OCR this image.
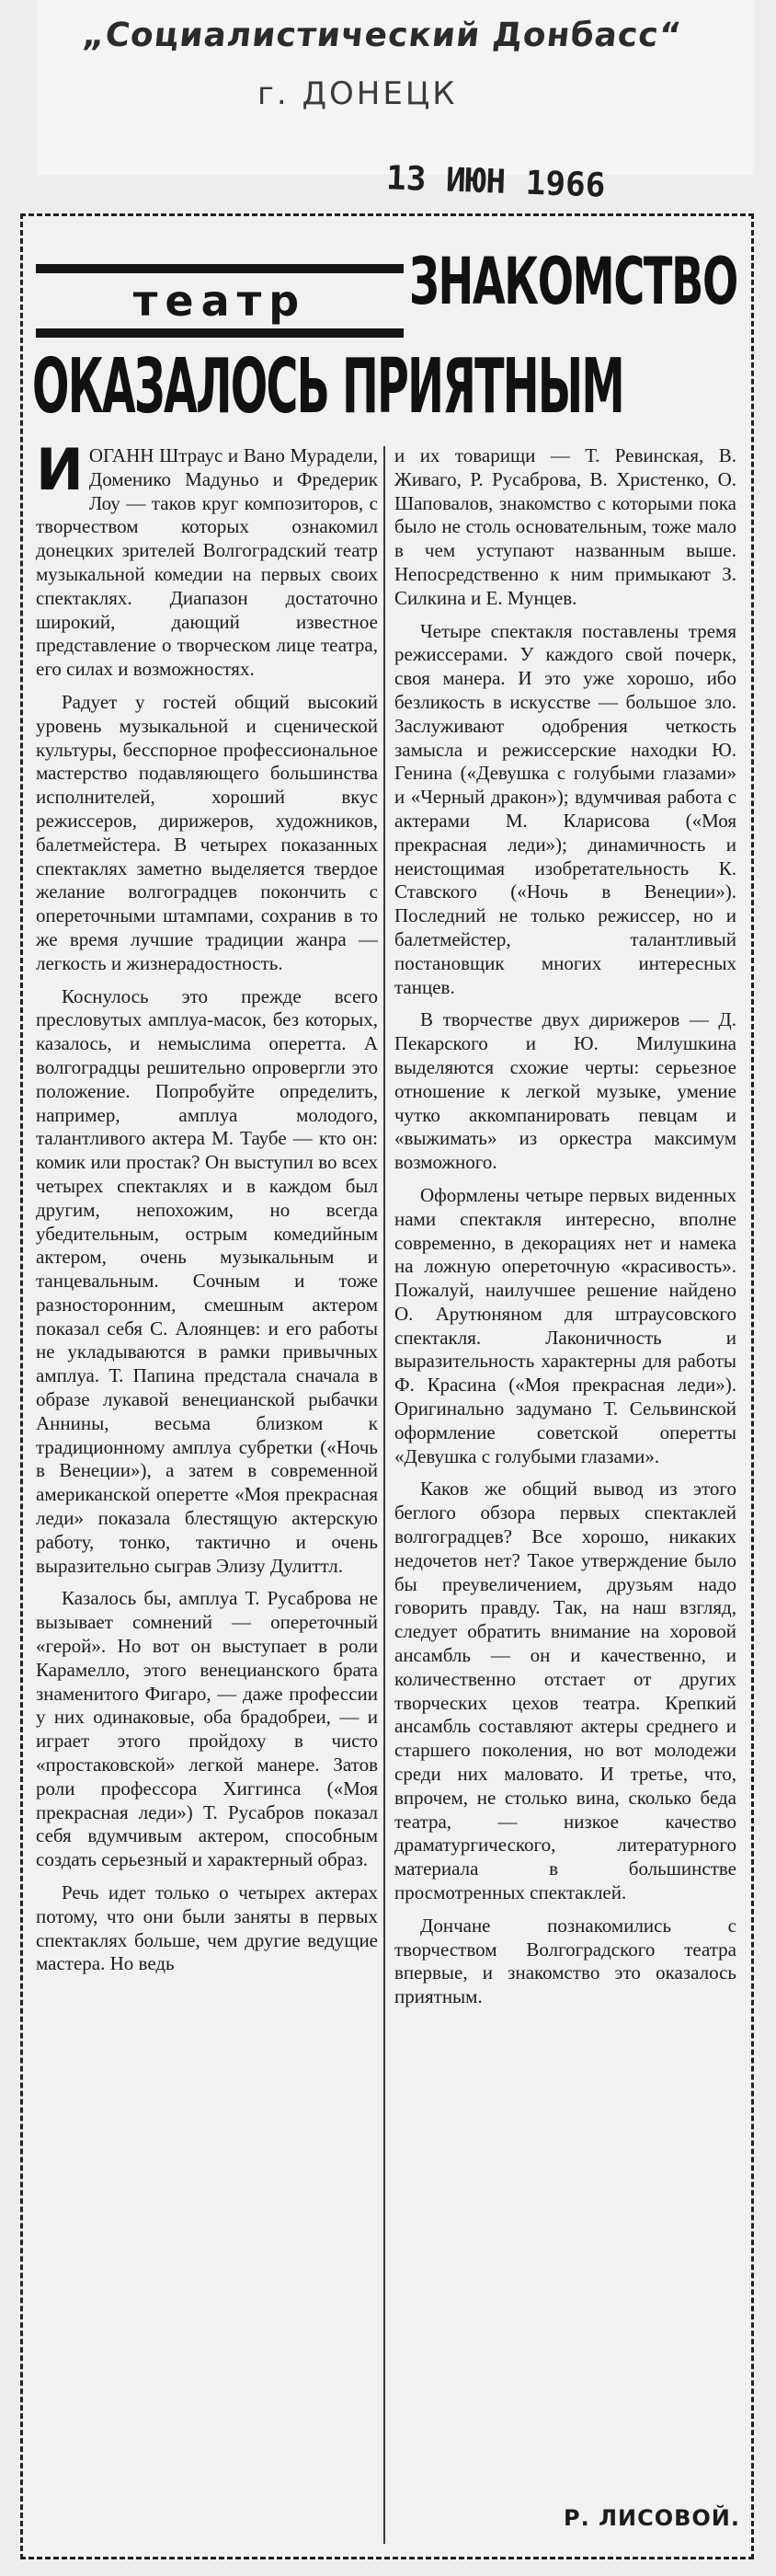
„Социалистический Донбасс“
г. ДОНЕЦК
13 ИЮН 1966
театр	ЗНАКОМСТВО
ОКАЗАЛОСЬ ПРИЯТНЫМ

ИОГАНН Штраус и Вано Мурадели, Доменико Мадуньо и Фредерик Лоу — таков круг композиторов, с творчеством которых ознакомил донецких зрителей Волгоградский театр музыкальной комедии на первых своих спектаклях. Диапазон достаточно широкий, дающий известное представление о творческом лице театра, его силах и возможностях.

Радует у гостей общий высокий уровень музыкальной и сценической культуры, бесспорное профессиональное мастерство подавляющего большинства исполнителей, хороший вкус режиссеров, дирижеров, художников, балетмейстера. В четырех показанных спектаклях заметно выделяется твердое желание волгоградцев покончить с опереточными штампами, сохранив в то же время лучшие традиции жанра — легкость и жизнерадостность.

Коснулось это прежде всего пресловутых амплуа-масок, без которых, казалось, и немыслима оперетта. А волгоградцы решительно опровергли это положение. Попробуйте определить, например, амплуа молодого, талантливого актера М. Таубе — кто он: комик или простак? Он выступил во всех четырех спектаклях и в каждом был другим, непохожим, но всегда убедительным, острым комедийным актером, очень музыкальным и танцевальным. Сочным и тоже разносторонним, смешным актером показал себя С. Алоянцев: и его работы не укладываются в рамки привычных амплуа. Т. Папина предстала сначала в образе лукавой венецианской рыбачки Аннины, весьма близком к традиционному амплуа субретки («Ночь в Венеции»), а затем в современной американской оперетте «Моя прекрасная леди» показала блестящую актерскую работу, тонко, тактично и очень выразительно сыграв Элизу Дулиттл.

Казалось бы, амплуа Т. Русаброва не вызывает сомнений — опереточный «герой». Но вот он выступает в роли Карамелло, этого венецианского брата знаменитого Фигаро, — даже профессии у них одинаковые, оба брадобреи, — и играет этого пройдоху в чисто «простаковской» легкой манере. Затов роли профессора Хиггинса («Моя прекрасная леди») Т. Русабров показал себя вдумчивым актером, способным создать серьезный и характерный образ.

Речь идет только о четырех актерах потому, что они были заняты в первых спектаклях больше, чем другие ведущие мастера. Но ведь

и их товарищи — Т. Ревинская, В. Живаго, Р. Русаброва, В. Христенко, О. Шаповалов, знакомство с которыми пока было не столь основательным, тоже мало в чем уступают названным выше. Непосредственно к ним примыкают З. Силкина и Е. Мунцев.

Четыре спектакля поставлены тремя режиссерами. У каждого свой почерк, своя манера. И это уже хорошо, ибо безликость в искусстве — большое зло. Заслуживают одобрения четкость замысла и режиссерские находки Ю. Генина («Девушка с голубыми глазами» и «Черный дракон»); вдумчивая работа с актерами М. Кларисова («Моя прекрасная леди»); динамичность и неистощимая изобретательность К. Ставского («Ночь в Венеции»). Последний не только режиссер, но и балетмейстер, талантливый постановщик многих интересных танцев.

В творчестве двух дирижеров — Д. Пекарского и Ю. Милушкина выделяются схожие черты: серьезное отношение к легкой музыке, умение чутко аккомпанировать певцам и «выжимать» из оркестра максимум возможного.

Оформлены четыре первых виденных нами спектакля интересно, вполне современно, в декорациях нет и намека на ложную опереточную «красивость». Пожалуй, наилучшее решение найдено О. Арутюняном для штраусовского спектакля. Лаконичность и выразительность характерны для работы Ф. Красина («Моя прекрасная леди»). Оригинально задумано Т. Сельвинской оформление советской оперетты «Девушка с голубыми глазами».

Каков же общий вывод из этого беглого обзора первых спектаклей волгоградцев? Все хорошо, никаких недочетов нет? Такое утверждение было бы преувеличением, друзьям надо говорить правду. Так, на наш взгляд, следует обратить внимание на хоровой ансамбль — он и качественно, и количественно отстает от других творческих цехов театра. Крепкий ансамбль составляют актеры среднего и старшего поколения, но вот молодежи среди них маловато. И третье, что, впрочем, не столько вина, сколько беда театра, — низкое качество драматургического, литературного материала в большинстве просмотренных спектаклей.

Дончане познакомились с творчеством Волгоградского театра впервые, и знакомство это оказалось приятным.

Р. ЛИСОВОЙ.
